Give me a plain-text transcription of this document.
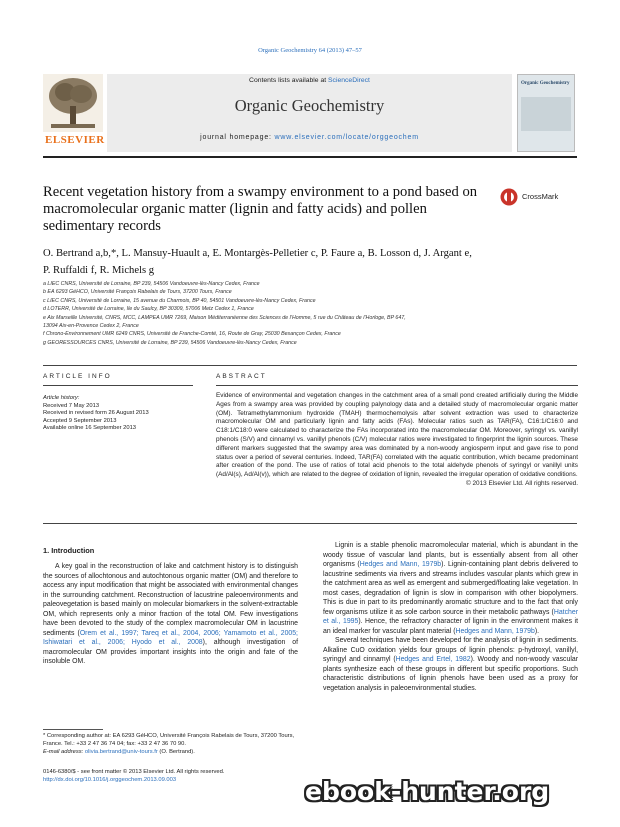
Organic Geochemistry 64 (2013) 47–57
ELSEVIER
Contents lists available at ScienceDirect
Organic Geochemistry
journal homepage: www.elsevier.com/locate/orggeochem
Organic Geochemistry
Recent vegetation history from a swampy environment to a pond based on macromolecular organic matter (lignin and fatty acids) and pollen sedimentary records
CrossMark
O. Bertrand a,b,*, L. Mansuy-Huault a, E. Montargès-Pelletier c, P. Faure a, B. Losson d, J. Argant e,
P. Ruffaldi f, R. Michels g
a LIEC CNRS, Université de Lorraine, BP 239, 54506 Vandoeuvre-lès-Nancy Cedex, France
b EA 6293 GéHCO, Université François Rabelais de Tours, 37200 Tours, France
c LIEC CNRS, Université de Lorraine, 15 avenue du Charmois, BP 40, 54501 Vandoeuvre-lès-Nancy Cedex, France
d LOTERR, Université de Lorraine, Ile du Saulcy, BP 30309, 57006 Metz Cedex 1, France
e Aix Marseille Université, CNRS, MCC, LAMPEA UMR 7269, Maison Méditerranéenne des Sciences de l’Homme, 5 rue du Château de l’Horloge, BP 647,
13094 Aix-en-Provence Cedex 2, France
f Chrono-Environnement UMR 6249 CNRS, Université de Franche-Comté, 16, Route de Gray, 25030 Besançon Cedex, France
g GEORESSOURCES CNRS, Université de Lorraine, BP 239, 54506 Vandoeuvre-lès-Nancy Cedex, France
ARTICLE INFO	ABSTRACT
Article history:
Received 7 May 2013
Received in revised form 26 August 2013
Accepted 9 September 2013
Available online 16 September 2013
Evidence of environmental and vegetation changes in the catchment area of a small pond created artificially during the Middle Ages from a swampy area was provided by coupling palynology data and a detailed study of macromolecular organic matter (OM). Tetramethylammonium hydroxide (TMAH) thermochemolysis after solvent extraction was used to characterize macromolecular OM and particularly lignin and fatty acids (FAs). Molecular ratios such as TAR(FA), C16:1/C16:0 and C18:1/C18:0 were calculated to characterize the FAs incorporated into the macromolecular OM. Moreover, syringyl vs. vanillyl phenols (S/V) and cinnamyl vs. vanillyl phenols (C/V) molecular ratios were investigated to fingerprint the lignin sources. These different markers suggested that the swampy area was dominated by a non-woody angiosperm input and gave rise to pond status over a period of several centuries. Indeed, TAR(FA) correlated with the aquatic contribution, which became predominant after creation of the pond. The use of ratios of total acid phenols to the total aldehyde phenols of syringyl or vanillyl units (Ad/Al(s), Ad/Al(v)), which are related to the degree of oxidation of lignin, revealed the irregular operation of oxidative conditions.
© 2013 Elsevier Ltd. All rights reserved.
1. Introduction

A key goal in the reconstruction of lake and catchment history is to distinguish the sources of allochtonous and autochtonous organic matter (OM) and therefore to access any input modification that might be associated with environmental changes in the surrounding catchment. Reconstruction of lacustrine paleoenvironments and paleovegetation is based mainly on molecular biomarkers in the solvent-extractable OM, which represents only a minor fraction of the total OM. Few investigations have been devoted to the study of the complex macromolecular OM in lacustrine sediments (Orem et al., 1997; Tareq et al., 2004, 2006; Yamamoto et al., 2005; Ishiwatari et al., 2006; Hyodo et al., 2008), although investigation of macromolecular OM provides important insights into the origin and fate of the insoluble OM.

Lignin is a stable phenolic macromolecular material, which is abundant in the woody tissue of vascular land plants, but is essentially absent from all other organisms (Hedges and Mann, 1979b). Lignin-containing plant debris delivered to lacustrine sediments via rivers and streams includes vascular plants which grew in the catchment area as well as emergent and submerged/floating lake vegetation. In most cases, degradation of lignin is slow in comparison with other biopolymers. This is due in part to its predominantly aromatic structure and to the fact that only few organisms utilize it as sole carbon source in their metabolic pathways (Hatcher et al., 1995). Hence, the refractory character of lignin in the environment makes it an ideal marker for vascular plant material (Hedges and Mann, 1979b).

Several techniques have been developed for the analysis of lignin in sediments. Alkaline CuO oxidation yields four groups of lignin phenols: p-hydroxyl, vanillyl, syringyl and cinnamyl (Hedges and Ertel, 1982). Woody and non-woody vascular plants synthesize each of these groups in different but specific proportions. Such characteristic distributions of lignin phenols have been used as a proxy for vegetation analysis in paleoenvironmental studies.

* Corresponding author at: EA 6293 GéHCO, Université François Rabelais de Tours, 37200 Tours, France. Tel.: +33 2 47 36 74 04; fax: +33 2 47 36 70 90.
E-mail address: olivia.bertrand@univ-tours.fr (O. Bertrand).
0146-6380/$ - see front matter © 2013 Elsevier Ltd. All rights reserved.
http://dx.doi.org/10.1016/j.orggeochem.2013.09.003	ebook-hunter.org
